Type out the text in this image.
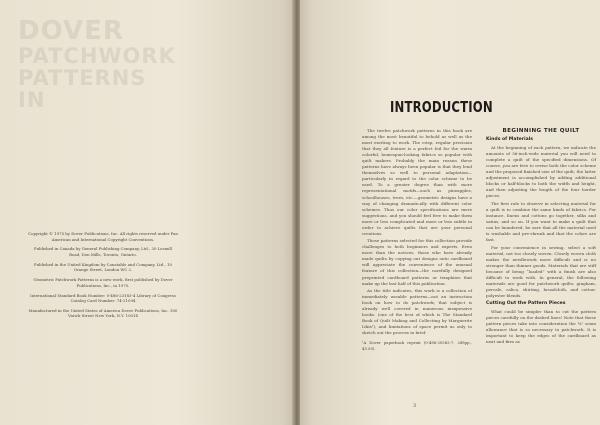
DOVER
PATCHWORK PATTERNS
IN

Copyright © 1975 by Dover Publications, Inc. All rights reserved under Pan American and International Copyright Conventions.

Published in Canada by General Publishing Company, Ltd., 30 Lesmill Road, Don Mills, Toronto, Ontario.

Published in the United Kingdom by Constable and Company, Ltd., 10 Orange Street, London WC 2.

Geometric Patchwork Patterns is a new work, first published by Dover Publications, Inc., in 1975.

International Standard Book Number: 0-486-23183-4 Library of Congress Catalog Card Number: 74-21094

Manufactured in the United States of America Dover Publications, Inc. 180 Varick Street New York, N.Y. 10014

INTRODUCTION

The twelve patchwork patterns in this book are among the most beautiful to behold as well as the most exciting to work. The crisp, regular precision that they all feature is a perfect foil for the warm colorful, homespun-looking fabrics so popular with quilt makers. Probably the main reason these patterns have always been popular is that they lend themselves so well to personal adaptation—particularly in regard to the color scheme to be used. To a greater degree than with more representational motifs—such as pineapples, schoolhouses, trees, etc.—geometric designs have a way of changing dramatically with different color schemes. Thus our color specifications are mere suggestions, and you should feel free to make them more or less complicated and more or less subtle in order to achieve quilts that are your personal creations.

These patterns selected for this collection provide challenges to both beginners and experts. Even more than the novices, those who have already made quilts by copying out designs onto cardboard will appreciate the convenience of the unusual feature of this collection—the carefully designed preprinted cardboard patterns or templates that make up the last half of this publication.

As the title indicates, this work is a collection of immediately useable patterns—not an instruction book on how to do patchwork; that subject is already well covered in numerous inexpensive books. (one of the best of which is The Standard Book of Quilt Making and Collecting by Marguerite Ickis¹), and limitations of space permit us only to sketch out the process in brief.

¹A Dover paperback reprint (0-486-20582-7, 288pp., $3.50).

BEGINNING THE QUILT
Kinds of Materials

At the beginning of each pattern, we indicate the amounts of 36-inch-wide material you will need to complete a quilt of the specified dimensions. Of course, you are free to revise both the color scheme and the proposed finished size of the quilt; the latter adjustment is accomplished by adding additional blocks or half-blocks to both the width and height, and then adjusting the length of the four border pieces.

The first rule to observe in selecting material for a quilt is to combine the same kinds of fabrics. For instance, linens and cottons go together, silks and satins, and so on. If you want to make a quilt that can be laundered, be sure that all the material used is washable and pre-shrunk and that the colors are fast.

For your convenience in sewing, select a soft material, not too closely woven. Closely woven cloth makes the needlework more difficult and is no stronger than thinner goods. Materials that are stiff because of being “loaded” with a finish are also difficult to work with. In general, the following materials are good for patchwork quilts: gingham, percale, calico, shirting, broadcloth, and cotton-polyester blends.

Cutting Out the Pattern Pieces

What could be simpler than to cut the pattern pieces carefully on the dashed lines! Note that these pattern pieces take into consideration the ¼" seam allowance that is so necessary to patchwork. It is important to keep the edges of the cardboard as neat and firm as

3
